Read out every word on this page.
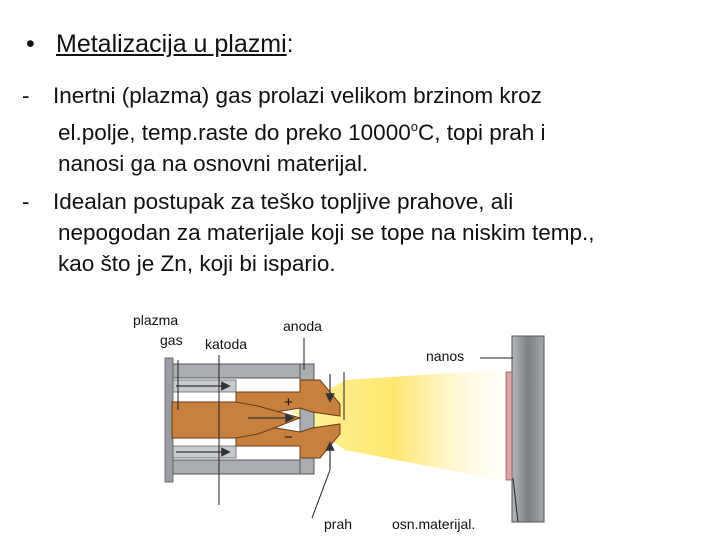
• Metalizacija u plazmi:
-	Inertni (plazma) gas prolazi velikom brzinom kroz
el.polje, temp.raste do preko 10000$^o$C, topi prah i
nanosi ga na osnovni materijal.
-	Idealan postupak za teško topljive prahove, ali
nepogodan za materijale koji se tope na niskim temp.,
kao što je Zn, koji bi ispario.
+
−
plazma
gas katoda
anoda
nanos
prah	osn.materijal.
